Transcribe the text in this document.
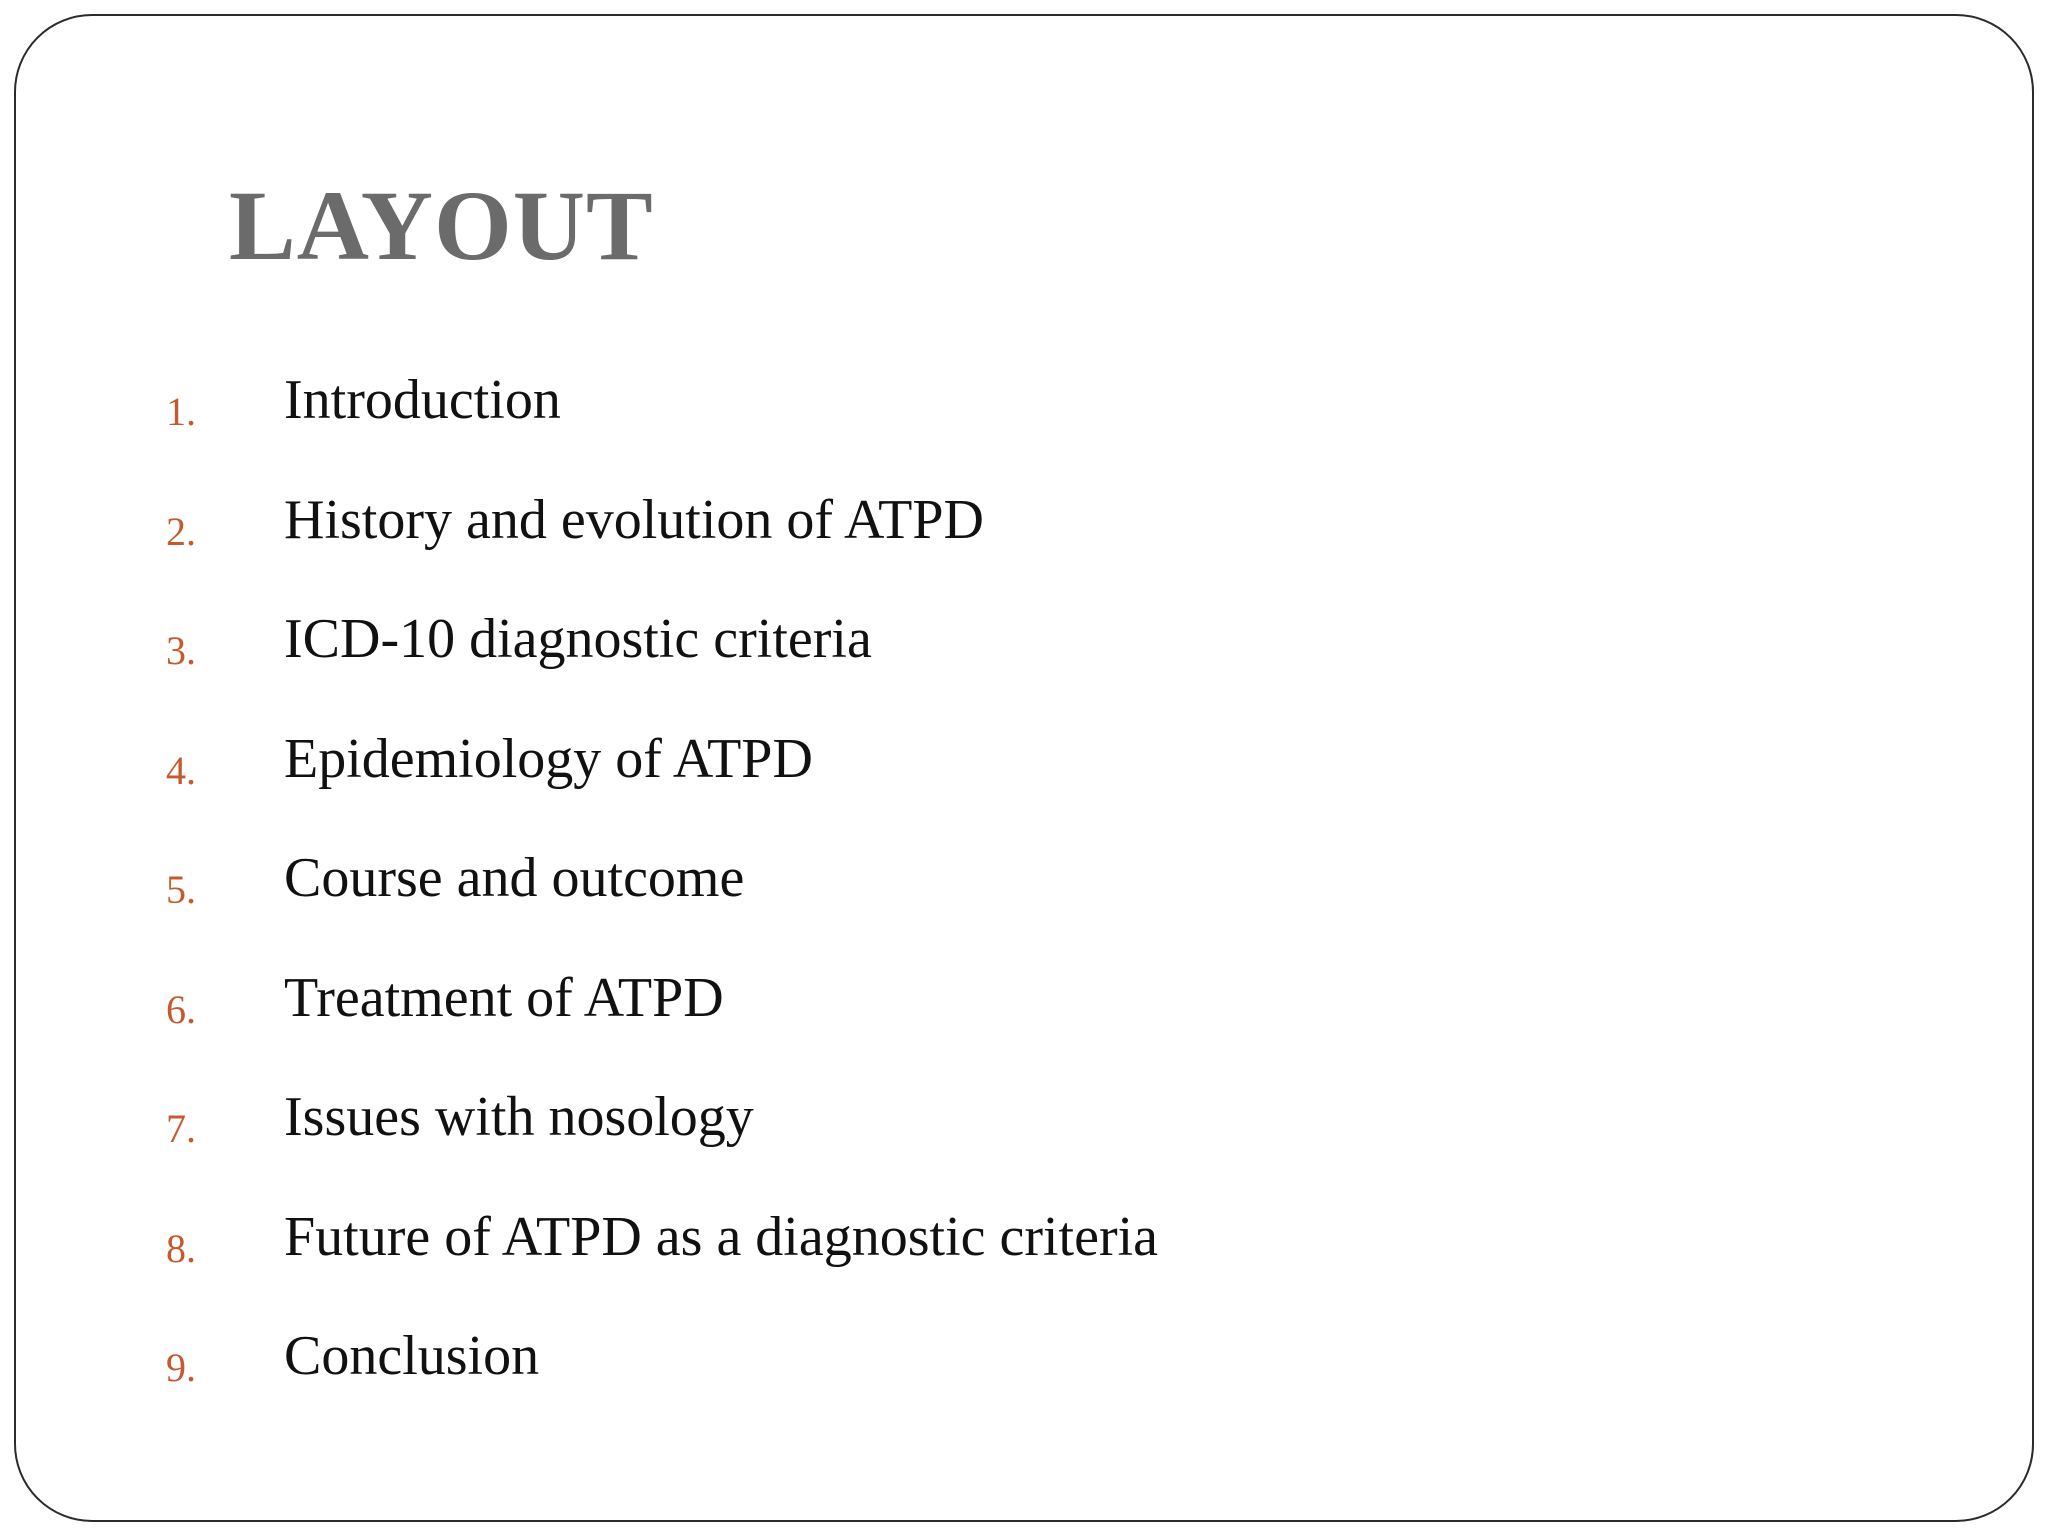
LAYOUT
1. Introduction
2. History and evolution of ATPD
3. ICD-10 diagnostic criteria
4. Epidemiology of ATPD
5. Course and outcome
6. Treatment of ATPD
7. Issues with nosology
8. Future of ATPD as a diagnostic criteria
9. Conclusion
